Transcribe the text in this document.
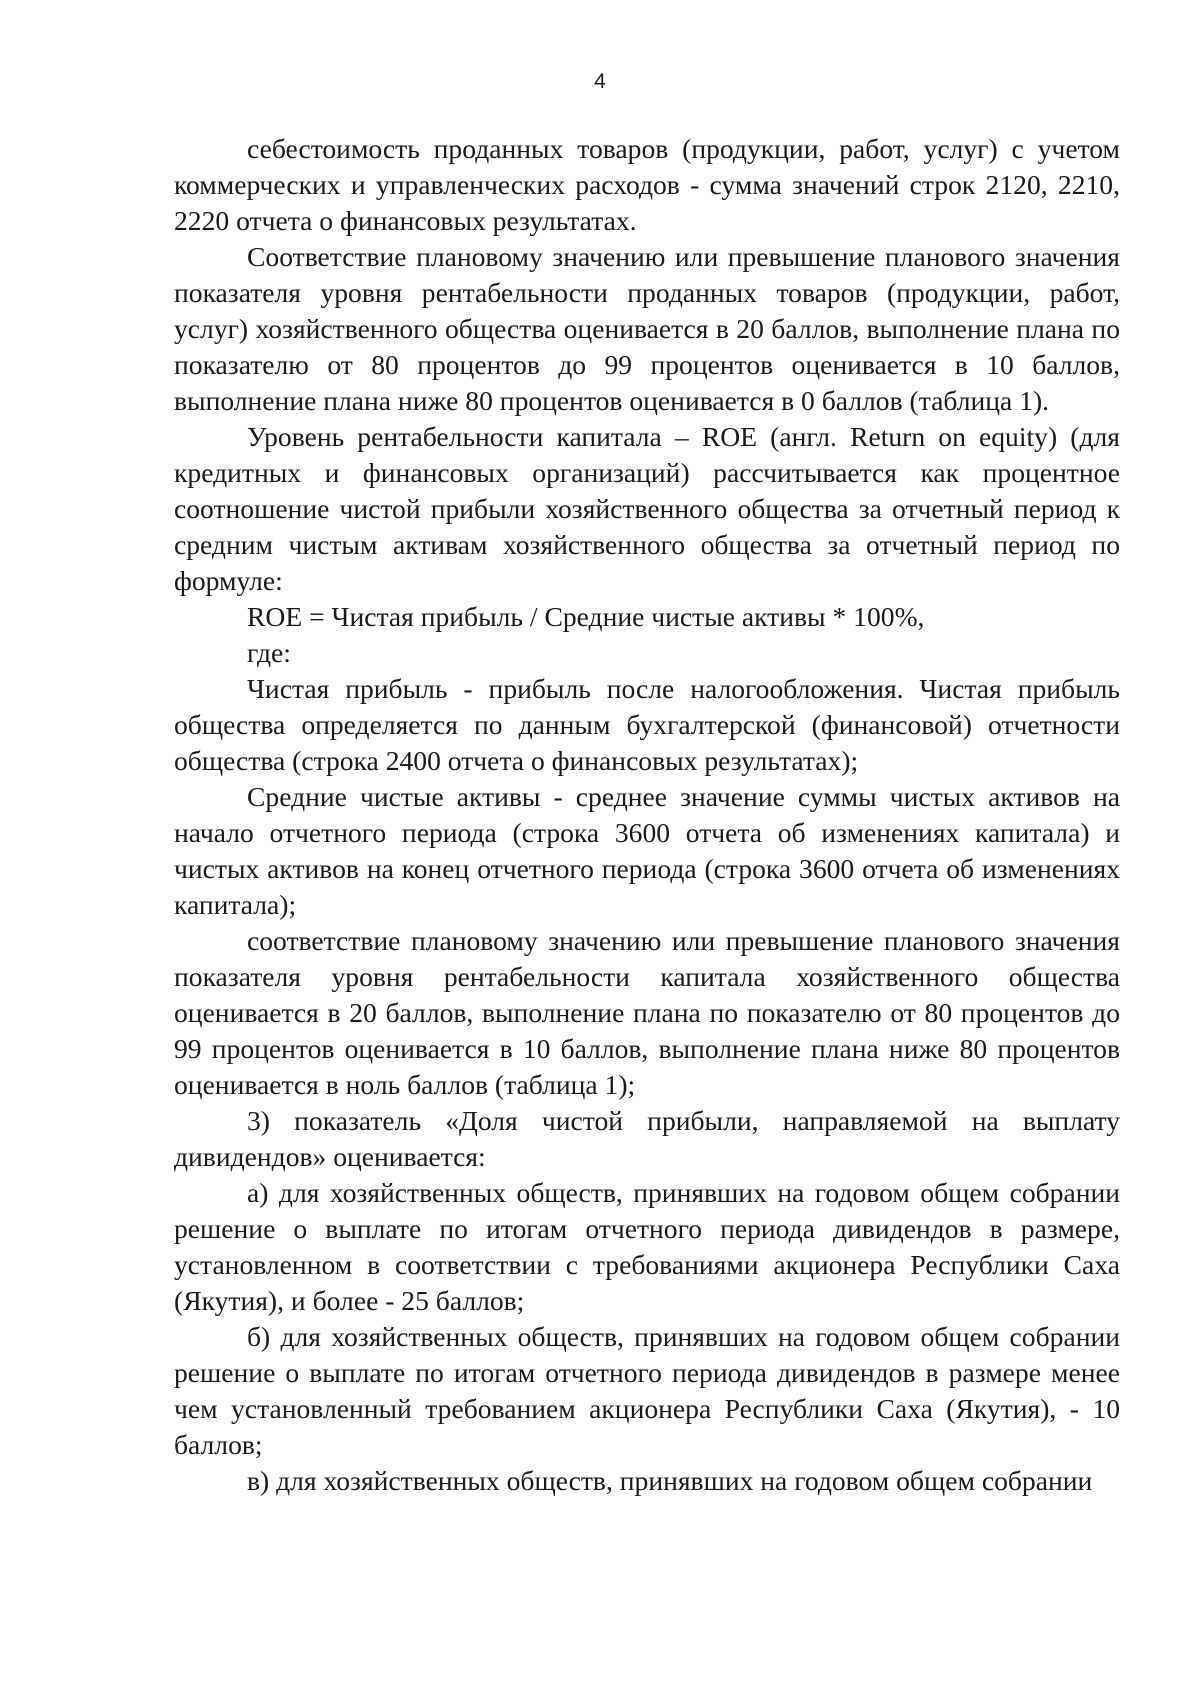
4

себестоимость проданных товаров (продукции, работ, услуг) с учетом коммерческих и управленческих расходов - сумма значений строк 2120, 2210, 2220 отчета о финансовых результатах.

Соответствие плановому значению или превышение планового значения показателя уровня рентабельности проданных товаров (продукции, работ, услуг) хозяйственного общества оценивается в 20 баллов, выполнение плана по показателю от 80 процентов до 99 процентов оценивается в 10 баллов, выполнение плана ниже 80 процентов оценивается в 0 баллов (таблица 1).

Уровень рентабельности капитала – ROE (англ. Return on equity) (для кредитных и финансовых организаций) рассчитывается как процентное соотношение чистой прибыли хозяйственного общества за отчетный период к средним чистым активам хозяйственного общества за отчетный период по формуле:

ROE = Чистая прибыль / Средние чистые активы * 100%,

где:

Чистая прибыль - прибыль после налогообложения. Чистая прибыль общества определяется по данным бухгалтерской (финансовой) отчетности общества (строка 2400 отчета о финансовых результатах);

Средние чистые активы - среднее значение суммы чистых активов на начало отчетного периода (строка 3600 отчета об изменениях капитала) и чистых активов на конец отчетного периода (строка 3600 отчета об изменениях капитала);

соответствие плановому значению или превышение планового значения показателя уровня рентабельности капитала хозяйственного общества оценивается в 20 баллов, выполнение плана по показателю от 80 процентов до 99 процентов оценивается в 10 баллов, выполнение плана ниже 80 процентов оценивается в ноль баллов (таблица 1);

3) показатель «Доля чистой прибыли, направляемой на выплату дивидендов» оценивается:

а) для хозяйственных обществ, принявших на годовом общем собрании решение о выплате по итогам отчетного периода дивидендов в размере, установленном в соответствии с требованиями акционера Республики Саха (Якутия), и более - 25 баллов;

б) для хозяйственных обществ, принявших на годовом общем собрании решение о выплате по итогам отчетного периода дивидендов в размере менее чем установленный требованием акционера Республики Саха (Якутия), - 10 баллов;

в) для хозяйственных обществ, принявших на годовом общем собрании
